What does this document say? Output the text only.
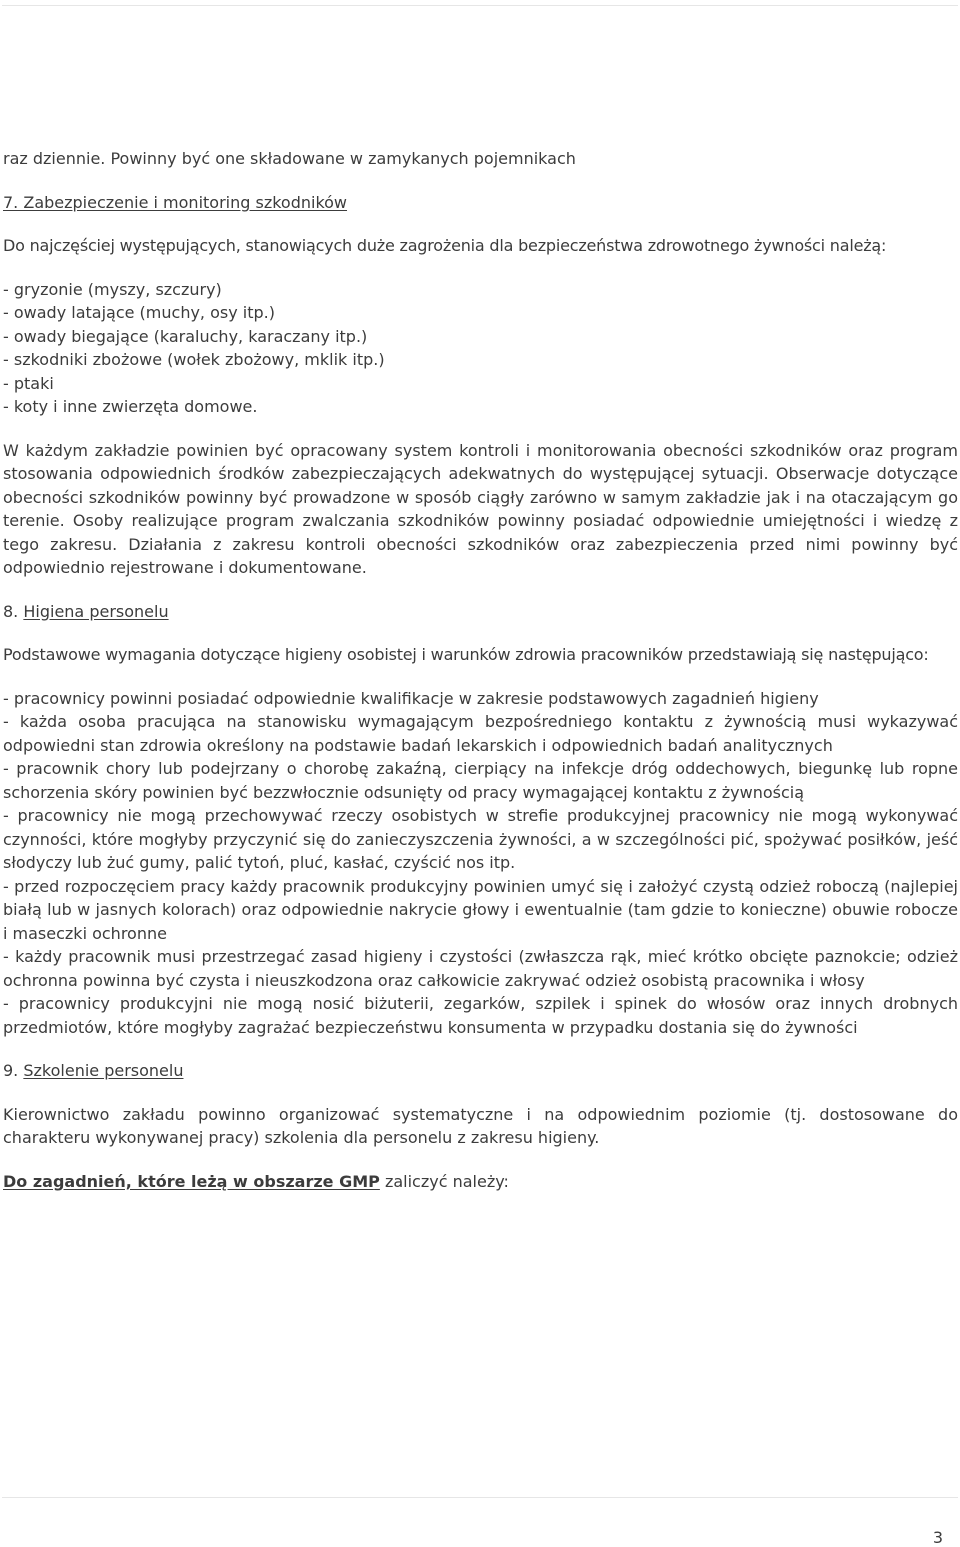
raz dziennie. Powinny być one składowane w zamykanych pojemnikach
7. Zabezpieczenie i monitoring szkodników
Do najczęściej występujących, stanowiących duże zagrożenia dla bezpieczeństwa zdrowotnego żywności należą:
- gryzonie (myszy, szczury)
- owady latające (muchy, osy itp.)
- owady biegające (karaluchy, karaczany itp.)
- szkodniki zbożowe (wołek zbożowy, mklik itp.)
- ptaki
- koty i inne zwierzęta domowe.

W każdym zakładzie powinien być opracowany system kontroli i monitorowania obecności szkodników oraz program stosowania odpowiednich środków zabezpieczających adekwatnych do występującej sytuacji. Obserwacje dotyczące obecności szkodników powinny być prowadzone w sposób ciągły zarówno w samym zakładzie jak i na otaczającym go terenie. Osoby realizujące program zwalczania szkodników powinny posiadać odpowiednie umiejętności i wiedzę z tego zakresu. Działania z zakresu kontroli obecności szkodników oraz zabezpieczenia przed nimi powinny być odpowiednio rejestrowane i dokumentowane.

8. Higiena personelu
Podstawowe wymagania dotyczące higieny osobistej i warunków zdrowia pracowników przedstawiają się następująco:

- pracownicy powinni posiadać odpowiednie kwalifikacje w zakresie podstawowych zagadnień higieny

- każda osoba pracująca na stanowisku wymagającym bezpośredniego kontaktu z żywnością musi wykazywać odpowiedni stan zdrowia określony na podstawie badań lekarskich i odpowiednich badań analitycznych

- pracownik chory lub podejrzany o chorobę zakaźną, cierpiący na infekcje dróg oddechowych, biegunkę lub ropne schorzenia skóry powinien być bezzwłocznie odsunięty od pracy wymagającej kontaktu z żywnością

- pracownicy nie mogą przechowywać rzeczy osobistych w strefie produkcyjnej pracownicy nie mogą wykonywać czynności, które mogłyby przyczynić się do zanieczyszczenia żywności, a w szczególności pić, spożywać posiłków, jeść słodyczy lub żuć gumy, palić tytoń, pluć, kasłać, czyścić nos itp.

- przed rozpoczęciem pracy każdy pracownik produkcyjny powinien umyć się i założyć czystą odzież roboczą (najlepiej białą lub w jasnych kolorach) oraz odpowiednie nakrycie głowy i ewentualnie (tam gdzie to konieczne) obuwie robocze i maseczki ochronne

- każdy pracownik musi przestrzegać zasad higieny i czystości (zwłaszcza rąk, mieć krótko obcięte paznokcie; odzież ochronna powinna być czysta i nieuszkodzona oraz całkowicie zakrywać odzież osobistą pracownika i włosy

- pracownicy produkcyjni nie mogą nosić biżuterii, zegarków, szpilek i spinek do włosów oraz innych drobnych przedmiotów, które mogłyby zagrażać bezpieczeństwu konsumenta w przypadku dostania się do żywności

9. Szkolenie personelu

Kierownictwo zakładu powinno organizować systematyczne i na odpowiednim poziomie (tj. dostosowane do charakteru wykonywanej pracy) szkolenia dla personelu z zakresu higieny.

Do zagadnień, które leżą w obszarze GMP zaliczyć należy:
3
